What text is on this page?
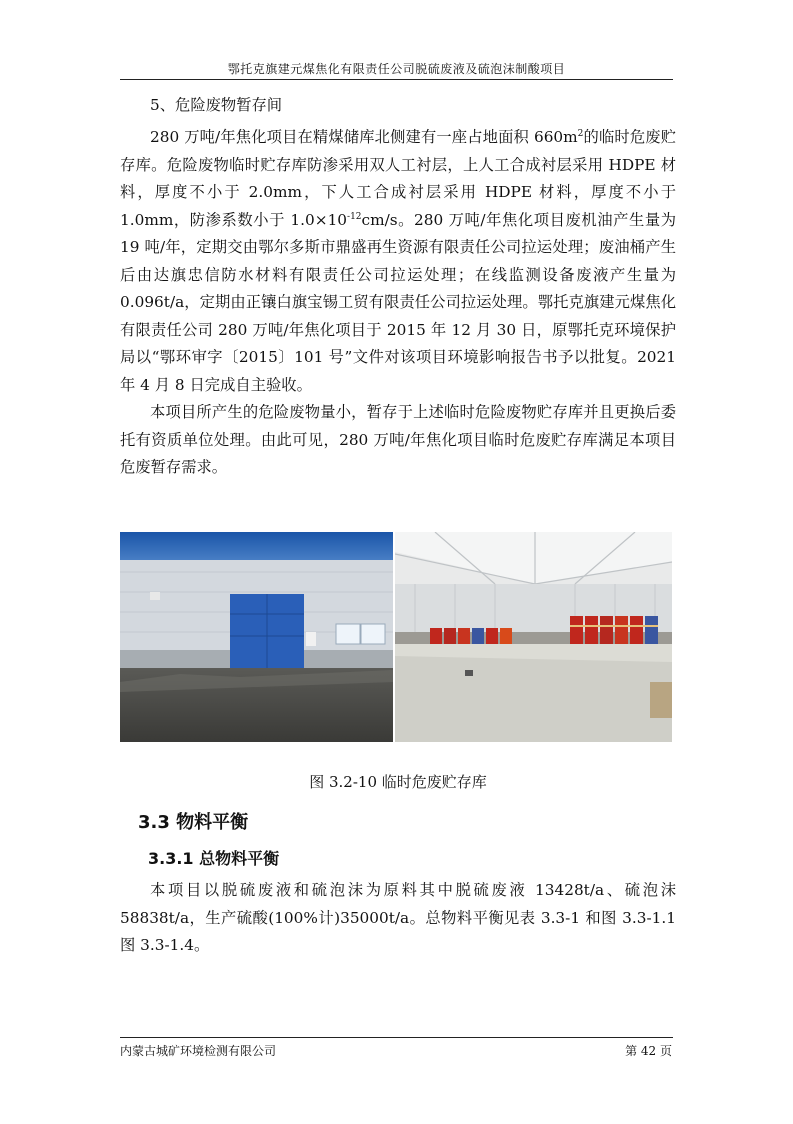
鄂托克旗建元煤焦化有限责任公司脱硫废液及硫泡沫制酸项目
5、危险废物暂存间

280 万吨/年焦化项目在精煤储库北侧建有一座占地面积 $660m^2$的临时危废贮存库。危险废物临时贮存库防渗采用双人工衬层，上人工合成衬层采用 HDPE 材料，厚度不小于 2.0mm，下人工合成衬层采用 HDPE 材料，厚度不小于 1.0mm，防渗系数小于 $1.0\times 10^{-12}cm/s$。280 万吨/年焦化项目废机油产生量为 19 吨/年，定期交由鄂尔多斯市鼎盛再生资源有限责任公司拉运处理；废油桶产生后由达旗忠信防水材料有限责任公司拉运处理；在线监测设备废液产生量为 0.096t/a，定期由正镶白旗宝锡工贸有限责任公司拉运处理。鄂托克旗建元煤焦化有限责任公司 280 万吨/年焦化项目于 2015 年 12 月 30 日，原鄂托克环境保护局以“鄂环审字〔2015〕101 号”文件对该项目环境影响报告书予以批复。2021 年 4 月 8 日完成自主验收。

本项目所产生的危险废物量小，暂存于上述临时危险废物贮存库并且更换后委托有资质单位处理。由此可见，280 万吨/年焦化项目临时危废贮存库满足本项目危废暂存需求。

图 3.2-10 临时危废贮存库
3.3 物料平衡
3.3.1 总物料平衡

本项目以脱硫废液和硫泡沫为原料其中脱硫废液 13428t/a、硫泡沫 58838t/a，生产硫酸(100%计)35000t/a。总物料平衡见表 3.3-1 和图 3.3-1.1 图 3.3-1.4。

内蒙古城矿环境检测有限公司	第 42 页
